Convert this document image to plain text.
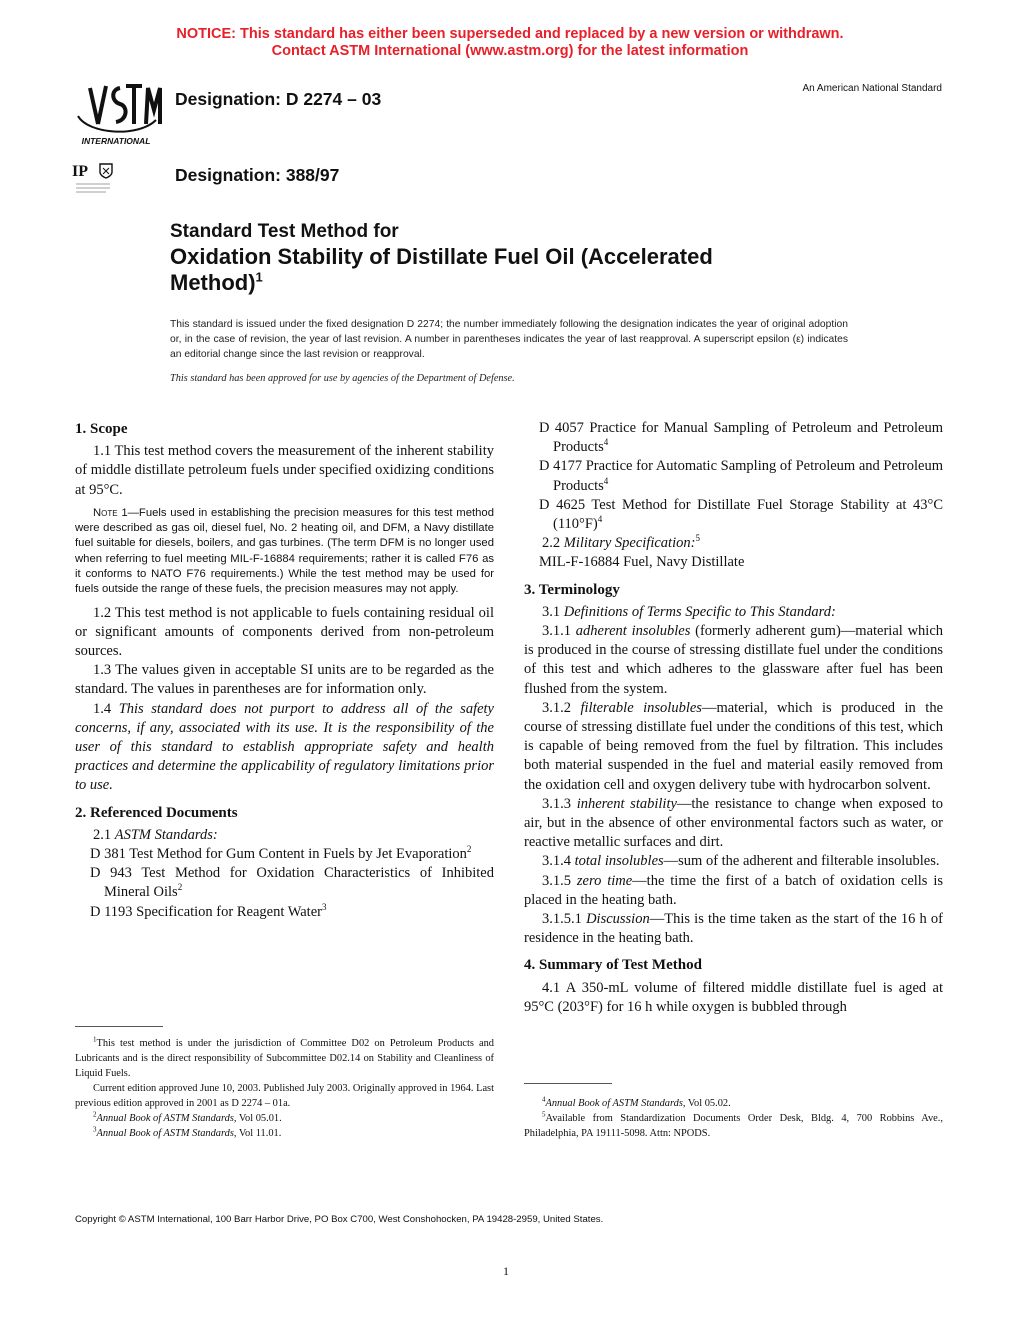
NOTICE: This standard has either been superseded and replaced by a new version or withdrawn.
Contact ASTM International (www.astm.org) for the latest information
INTERNATIONAL
IP
Designation: D 2274 – 03
Designation: 388/97
An American National Standard
Standard Test Method for
Oxidation Stability of Distillate Fuel Oil (Accelerated
Method)$^1$
This standard is issued under the fixed designation D 2274; the number immediately following the designation indicates the year of original adoption or, in the case of revision, the year of last revision. A number in parentheses indicates the year of last reapproval. A superscript epsilon (ε) indicates an editorial change since the last revision or reapproval.
This standard has been approved for use by agencies of the Department of Defense.
1. Scope

1.1 This test method covers the measurement of the inherent stability of middle distillate petroleum fuels under specified oxidizing conditions at 95°C.

Note 1—Fuels used in establishing the precision measures for this test method were described as gas oil, diesel fuel, No. 2 heating oil, and DFM, a Navy distillate fuel suitable for diesels, boilers, and gas turbines. (The term DFM is no longer used when referring to fuel meeting MIL-F-16884 requirements; rather it is called F76 as it conforms to NATO F76 requirements.) While the test method may be used for fuels outside the range of these fuels, the precision measures may not apply.

1.2 This test method is not applicable to fuels containing residual oil or significant amounts of components derived from non-petroleum sources.

1.3 The values given in acceptable SI units are to be regarded as the standard. The values in parentheses are for information only.

1.4 This standard does not purport to address all of the safety concerns, if any, associated with its use. It is the responsibility of the user of this standard to establish appropriate safety and health practices and determine the applicability of regulatory limitations prior to use.

2. Referenced Documents

2.1 ASTM Standards:

D 381 Test Method for Gum Content in Fuels by Jet Evaporation$^2$

D 943 Test Method for Oxidation Characteristics of Inhibited Mineral Oils$^2$

D 1193 Specification for Reagent Water$^3$

D 4057 Practice for Manual Sampling of Petroleum and Petroleum Products$^4$

D 4177 Practice for Automatic Sampling of Petroleum and Petroleum Products$^4$

D 4625 Test Method for Distillate Fuel Storage Stability at 43°C $(110^\circ F)^4$

2.2 Military Specification:$^5$

MIL-F-16884 Fuel, Navy Distillate

3. Terminology

3.1 Definitions of Terms Specific to This Standard:

3.1.1 adherent insolubles (formerly adherent gum)—material which is produced in the course of stressing distillate fuel under the conditions of this test and which adheres to the glassware after fuel has been flushed from the system.

3.1.2 filterable insolubles—material, which is produced in the course of stressing distillate fuel under the conditions of this test, which is capable of being removed from the fuel by filtration. This includes both material suspended in the fuel and material easily removed from the oxidation cell and oxygen delivery tube with hydrocarbon solvent.

3.1.3 inherent stability—the resistance to change when exposed to air, but in the absence of other environmental factors such as water, or reactive metallic surfaces and dirt.

3.1.4 total insolubles—sum of the adherent and filterable insolubles.

3.1.5 zero time—the time the first of a batch of oxidation cells is placed in the heating bath.

3.1.5.1 Discussion—This is the time taken as the start of the 16 h of residence in the heating bath.

4. Summary of Test Method

4.1 A 350-mL volume of filtered middle distillate fuel is aged at 95°C (203°F) for 16 h while oxygen is bubbled through

$^1$This test method is under the jurisdiction of Committee D02 on Petroleum Products and Lubricants and is the direct responsibility of Subcommittee D02.14 on Stability and Cleanliness of Liquid Fuels.

Current edition approved June 10, 2003. Published July 2003. Originally approved in 1964. Last previous edition approved in 2001 as D 2274 – 01a.

$^2$Annual Book of ASTM Standards, Vol 05.01.

$^3$Annual Book of ASTM Standards, Vol 11.01.

$^4$Annual Book of ASTM Standards, Vol 05.02.

$^5$Available from Standardization Documents Order Desk, Bldg. 4, 700 Robbins Ave., Philadelphia, PA 19111-5098. Attn: NPODS.

Copyright © ASTM International, 100 Barr Harbor Drive, PO Box C700, West Conshohocken, PA 19428-2959, United States.
1
